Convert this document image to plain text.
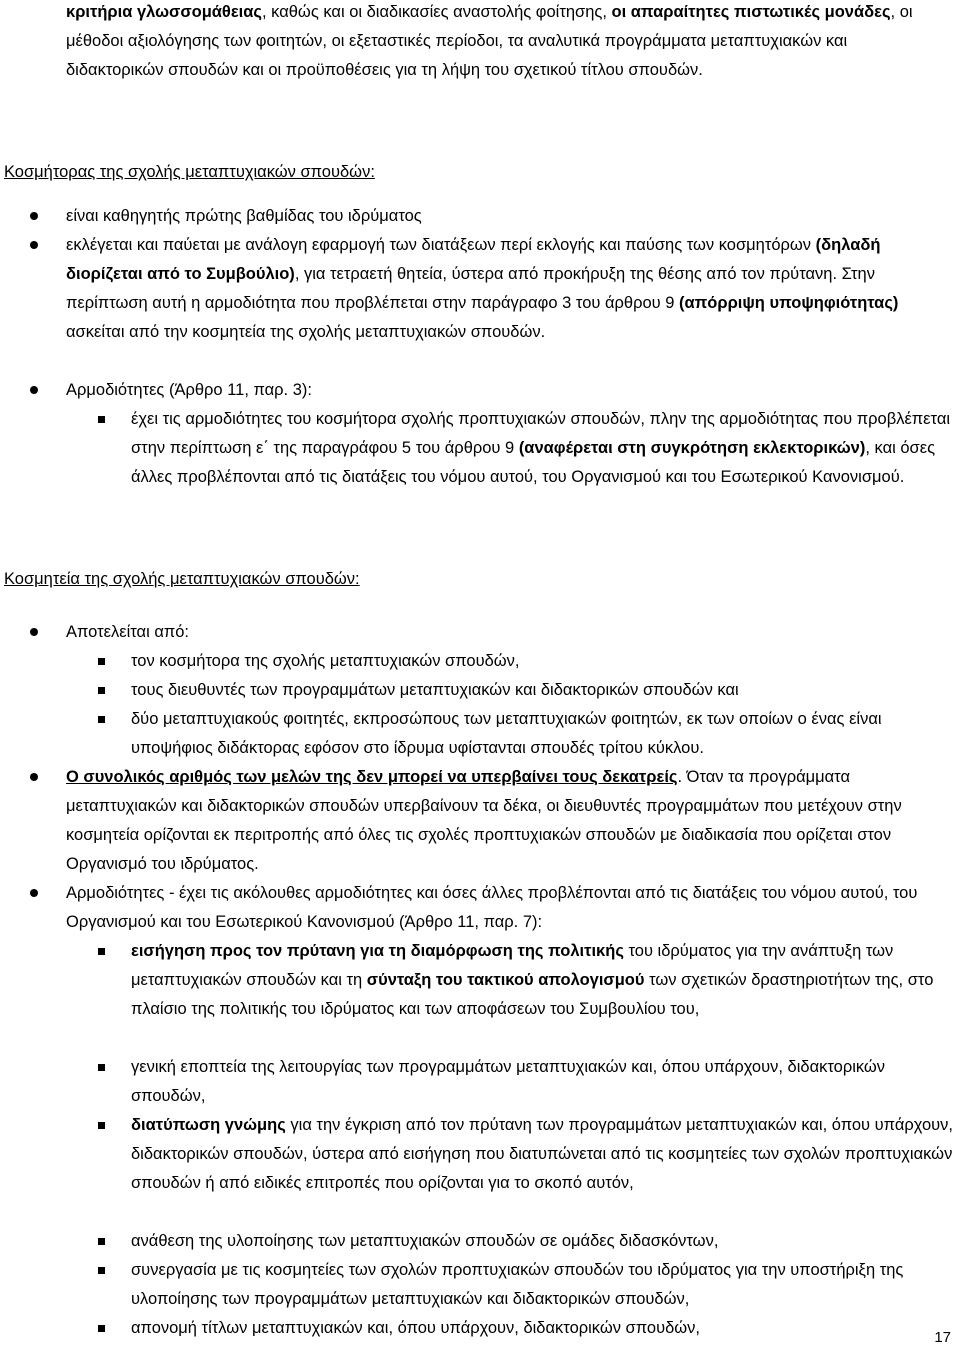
κριτήρια γλωσσομάθειας, καθώς και οι διαδικασίες αναστολής φοίτησης, οι απαραίτητες πιστωτικές μονάδες, οι μέθοδοι αξιολόγησης των φοιτητών, οι εξεταστικές περίοδοι, τα αναλυτικά προγράμματα μεταπτυχιακών και διδακτορικών σπουδών και οι προϋποθέσεις για τη λήψη του σχετικού τίτλου σπουδών.
Κοσμήτορας της σχολής μεταπτυχιακών σπουδών:
είναι καθηγητής πρώτης βαθμίδας του ιδρύματος
εκλέγεται και παύεται με ανάλογη εφαρμογή των διατάξεων περί εκλογής και παύσης των κοσμητόρων (δηλαδή διορίζεται από το Συμβούλιο), για τετραετή θητεία, ύστερα από προκήρυξη της θέσης από τον πρύτανη. Στην περίπτωση αυτή η αρμοδιότητα που προβλέπεται στην παράγραφο 3 του άρθρου 9 (απόρριψη υποψηφιότητας) ασκείται από την κοσμητεία της σχολής μεταπτυχιακών σπουδών.
Αρμοδιότητες (Άρθρο 11, παρ. 3):
έχει τις αρμοδιότητες του κοσμήτορα σχολής προπτυχιακών σπουδών, πλην της αρμοδιότητας που προβλέπεται στην περίπτωση ε΄ της παραγράφου 5 του άρθρου 9 (αναφέρεται στη συγκρότηση εκλεκτορικών), και όσες άλλες προβλέπονται από τις διατάξεις του νόμου αυτού, του Οργανισμού και του Εσωτερικού Κανονισμού.
Κοσμητεία της σχολής μεταπτυχιακών σπουδών:
Αποτελείται από:
τον κοσμήτορα της σχολής μεταπτυχιακών σπουδών,
τους διευθυντές των προγραμμάτων μεταπτυχιακών και διδακτορικών σπουδών και
δύο μεταπτυχιακούς φοιτητές, εκπροσώπους των μεταπτυχιακών φοιτητών, εκ των οποίων ο ένας είναι υποψήφιος διδάκτορας εφόσον στο ίδρυμα υφίστανται σπουδές τρίτου κύκλου.
Ο συνολικός αριθμός των μελών της δεν μπορεί να υπερβαίνει τους δεκατρείς. Όταν τα προγράμματα μεταπτυχιακών και διδακτορικών σπουδών υπερβαίνουν τα δέκα, οι διευθυντές προγραμμάτων που μετέχουν στην κοσμητεία ορίζονται εκ περιτροπής από όλες τις σχολές προπτυχιακών σπουδών με διαδικασία που ορίζεται στον Οργανισμό του ιδρύματος.
Αρμοδιότητες - έχει τις ακόλουθες αρμοδιότητες και όσες άλλες προβλέπονται από τις διατάξεις του νόμου αυτού, του Οργανισμού και του Εσωτερικού Κανονισμού (Άρθρο 11, παρ. 7):
εισήγηση προς τον πρύτανη για τη διαμόρφωση της πολιτικής του ιδρύματος για την ανάπτυξη των μεταπτυχιακών σπουδών και τη σύνταξη του τακτικού απολογισμού των σχετικών δραστηριοτήτων της, στο πλαίσιο της πολιτικής του ιδρύματος και των αποφάσεων του Συμβουλίου του,
γενική εποπτεία της λειτουργίας των προγραμμάτων μεταπτυχιακών και, όπου υπάρχουν, διδακτορικών σπουδών,
διατύπωση γνώμης για την έγκριση από τον πρύτανη των προγραμμάτων μεταπτυχιακών και, όπου υπάρχουν, διδακτορικών σπουδών, ύστερα από εισήγηση που διατυπώνεται από τις κοσμητείες των σχολών προπτυχιακών σπουδών ή από ειδικές επιτροπές που ορίζονται για το σκοπό αυτόν,
ανάθεση της υλοποίησης των μεταπτυχιακών σπουδών σε ομάδες διδασκόντων,
συνεργασία με τις κοσμητείες των σχολών προπτυχιακών σπουδών του ιδρύματος για την υποστήριξη της υλοποίησης των προγραμμάτων μεταπτυχιακών και διδακτορικών σπουδών,
απονομή τίτλων μεταπτυχιακών και, όπου υπάρχουν, διδακτορικών σπουδών,
17
